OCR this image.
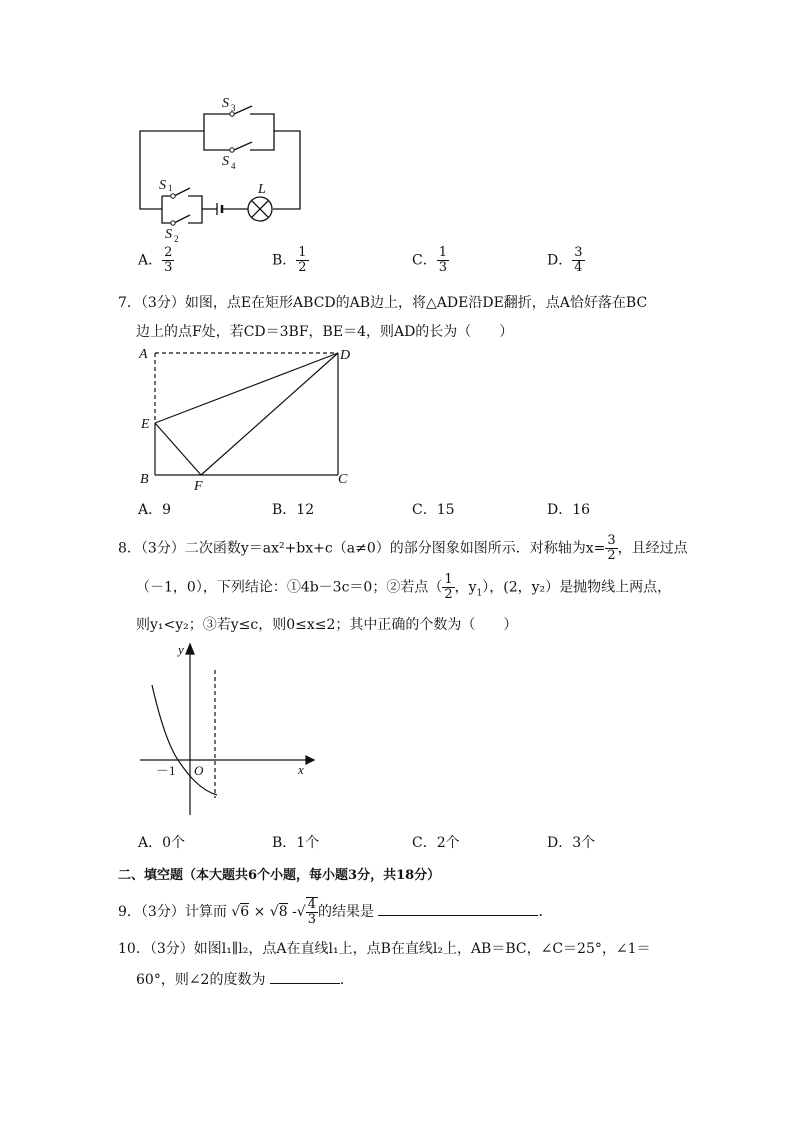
S 3
S 4
S 1
S 2
L
A． $\frac{2}{3}$	B． $\frac{1}{2}$	C． $\frac{1}{3}$	D． $\frac{3}{4}$
7．（3分）如图，点E在矩形ABCD的AB边上，将△ADE沿DE翻折，点A恰好落在BC
边上的点F处，若CD＝3BF，BE＝4，则AD的长为（　　）
A	D
E
B	F	C
A．9	B．12	C．15	D．16
8．（3分）二次函数y＝ax²+bx+c（a≠0）的部分图象如图所示．对称轴为$x= \frac{3}{2}$ ，且经过点
（－1，0），下列结论：①4b－3c＝0；②若点（ $\frac{1}{2}$ ，$y_1$），(2，y₂）是抛物线上两点，
则y₁<y₂；③若y≤c，则0≤x≤2；其中正确的个数为（　　）
y
x
O
－1
A．0个	B．1个	C．2个	D．3个
二、填空题（本大题共6个小题，每小题3分，共18分）
9．（3分）计算而 √6 × √8 -√ $\frac{4}{3}$ 的结果是	．
10．（3分）如图l₁∥l₂，点A在直线l₁上，点B在直线l₂上，AB＝BC，∠C＝25°，∠1＝
60°，则∠2的度数为	．
